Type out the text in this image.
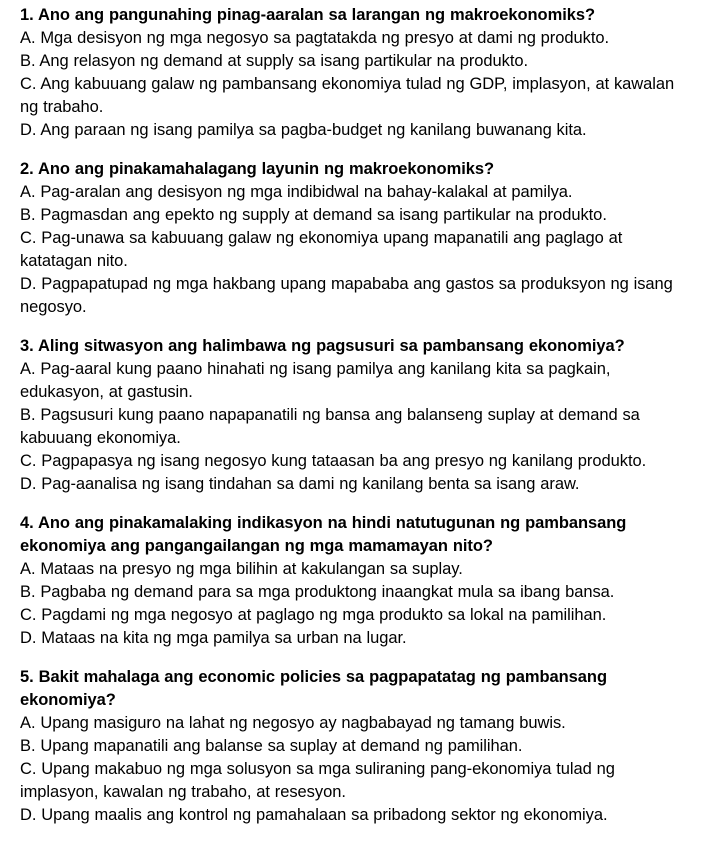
1. Ano ang pangunahing pinag-aaralan sa larangan ng makroekonomiks?

A. Mga desisyon ng mga negosyo sa pagtatakda ng presyo at dami ng produkto.
B. Ang relasyon ng demand at supply sa isang partikular na produkto.
C. Ang kabuuang galaw ng pambansang ekonomiya tulad ng GDP, implasyon, at kawalan ng trabaho.
D. Ang paraan ng isang pamilya sa pagba-budget ng kanilang buwanang kita.

2. Ano ang pinakamahalagang layunin ng makroekonomiks?

A. Pag-aralan ang desisyon ng mga indibidwal na bahay-kalakal at pamilya.
B. Pagmasdan ang epekto ng supply at demand sa isang partikular na produkto.
C. Pag-unawa sa kabuuang galaw ng ekonomiya upang mapanatili ang paglago at katatagan nito.
D. Pagpapatupad ng mga hakbang upang mapababa ang gastos sa produksyon ng isang negosyo.

3. Aling sitwasyon ang halimbawa ng pagsusuri sa pambansang ekonomiya?

A. Pag-aaral kung paano hinahati ng isang pamilya ang kanilang kita sa pagkain, edukasyon, at gastusin.
B. Pagsusuri kung paano napapanatili ng bansa ang balanseng suplay at demand sa kabuuang ekonomiya.
C. Pagpapasya ng isang negosyo kung tataasan ba ang presyo ng kanilang produkto.
D. Pag-aanalisa ng isang tindahan sa dami ng kanilang benta sa isang araw.

4. Ano ang pinakamalaking indikasyon na hindi natutugunan ng pambansang ekonomiya ang pangangailangan ng mga mamamayan nito?

A. Mataas na presyo ng mga bilihin at kakulangan sa suplay.
B. Pagbaba ng demand para sa mga produktong inaangkat mula sa ibang bansa.
C. Pagdami ng mga negosyo at paglago ng mga produkto sa lokal na pamilihan.
D. Mataas na kita ng mga pamilya sa urban na lugar.

5. Bakit mahalaga ang economic policies sa pagpapatatag ng pambansang ekonomiya?

A. Upang masiguro na lahat ng negosyo ay nagbabayad ng tamang buwis.
B. Upang mapanatili ang balanse sa suplay at demand ng pamilihan.
C. Upang makabuo ng mga solusyon sa mga suliraning pang-ekonomiya tulad ng implasyon, kawalan ng trabaho, at resesyon.
D. Upang maalis ang kontrol ng pamahalaan sa pribadong sektor ng ekonomiya.
